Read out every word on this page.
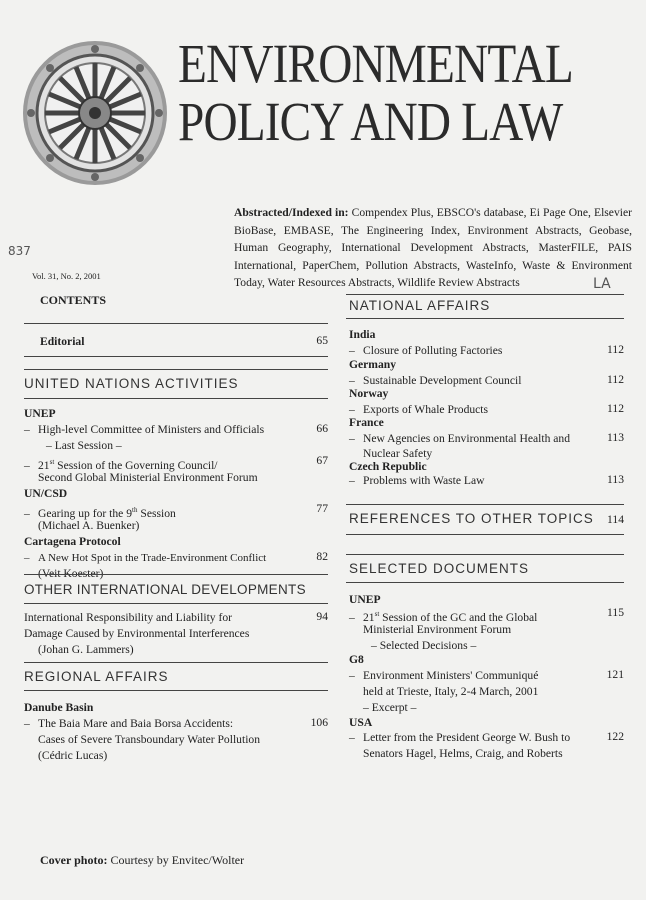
ENVIRONMENTAL
POLICY AND LAW
Abstracted/Indexed in: Compendex Plus, EBSCO's database, Ei Page One, Elsevier BioBase, EMBASE, The Engineering Index, Environment Abstracts, Geobase, Human Geography, International Development Abstracts, MasterFILE, PAIS International, PaperChem, Pollution Abstracts, WasteInfo, Waste & Environment Today, Water Resources Abstracts, Wildlife Review Abstracts
837
LA
Vol. 31, No. 2, 2001
CONTENTS
Editorial	65
UNITED NATIONS ACTIVITIES
UNEP
– High-level Committee of Ministers and Officials	66
– Last Session –
– 21st Session of the Governing Council/	67
Second Global Ministerial Environment Forum
UN/CSD
– Gearing up for the 9th Session	77
(Michael A. Buenker)
Cartagena Protocol
– A New Hot Spot in the Trade-Environment Conflict	82
(Veit Koester)
OTHER INTERNATIONAL DEVELOPMENTS
International Responsibility and Liability for	94
Damage Caused by Environmental Interferences
(Johan G. Lammers)
REGIONAL AFFAIRS
Danube Basin
– The Baia Mare and Baia Borsa Accidents:	106
Cases of Severe Transboundary Water Pollution
(Cédric Lucas)
Cover photo: Courtesy by Envitec/Wolter
NATIONAL AFFAIRS
India
– Closure of Polluting Factories	112
Germany
– Sustainable Development Council	112
Norway
– Exports of Whale Products	112
France
– New Agencies on Environmental Health and	113
Nuclear Safety
Czech Republic
– Problems with Waste Law	113
REFERENCES TO OTHER TOPICS	114
SELECTED DOCUMENTS
UNEP
– 21st Session of the GC and the Global	115
Ministerial Environment Forum
– Selected Decisions –
G8
– Environment Ministers' Communiqué	121
held at Trieste, Italy, 2-4 March, 2001
– Excerpt –
USA
– Letter from the President George W. Bush to	122
Senators Hagel, Helms, Craig, and Roberts
